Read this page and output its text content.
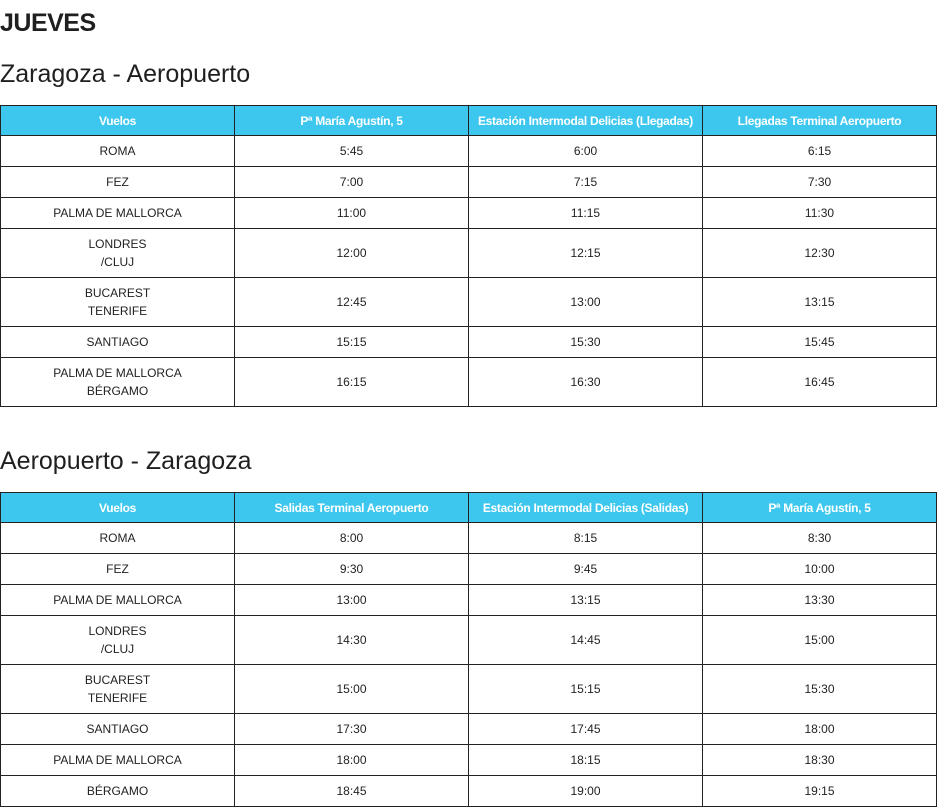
JUEVES
Zaragoza - Aeropuerto
Vuelos	Pª María Agustín, 5	Estación Intermodal Delicias (Llegadas)	Llegadas Terminal Aeropuerto
ROMA	5:45	6:00	6:15
FEZ	7:00	7:15	7:30
PALMA DE MALLORCA	11:00	11:15	11:30
LONDRES
/CLUJ	12:00	12:15	12:30
BUCAREST
TENERIFE	12:45	13:00	13:15
SANTIAGO	15:15	15:30	15:45
PALMA DE MALLORCA
BÉRGAMO	16:15	16:30	16:45
Aeropuerto - Zaragoza
Vuelos	Salidas Terminal Aeropuerto	Estación Intermodal Delicias (Salidas)	Pª María Agustín, 5
ROMA	8:00	8:15	8:30
FEZ	9:30	9:45	10:00
PALMA DE MALLORCA	13:00	13:15	13:30
LONDRES
/CLUJ	14:30	14:45	15:00
BUCAREST
TENERIFE	15:00	15:15	15:30
SANTIAGO	17:30	17:45	18:00
PALMA DE MALLORCA	18:00	18:15	18:30
BÉRGAMO	18:45	19:00	19:15
